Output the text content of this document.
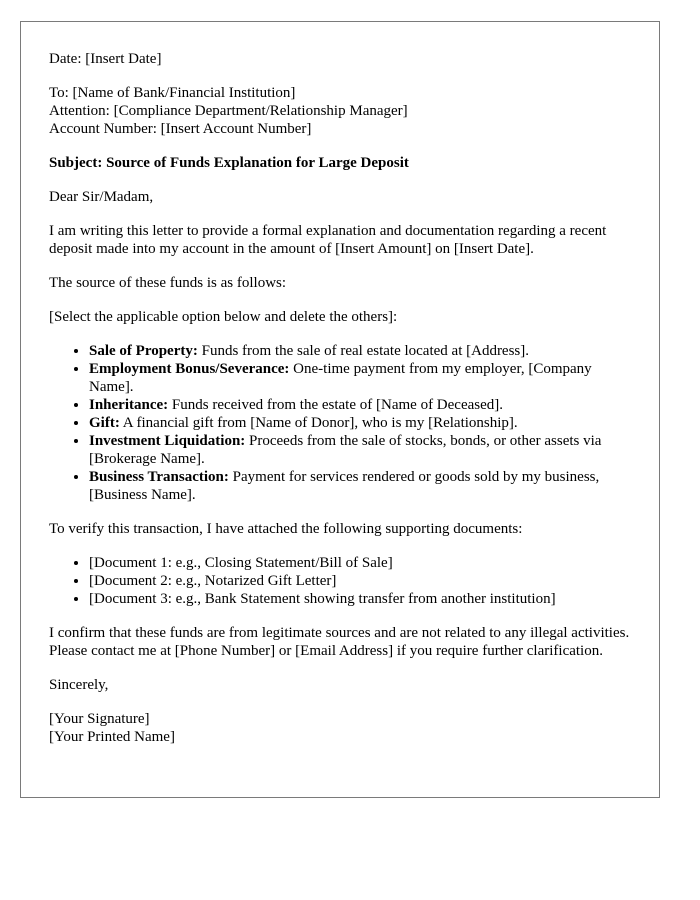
Date: [Insert Date]

To: [Name of Bank/Financial Institution]

Attention: [Compliance Department/Relationship Manager]

Account Number: [Insert Account Number]

Subject: Source of Funds Explanation for Large Deposit

Dear Sir/Madam,

I am writing this letter to provide a formal explanation and documentation regarding a recent deposit made into my account in the amount of [Insert Amount] on [Insert Date].

The source of these funds is as follows:

[Select the applicable option below and delete the others]:

• Sale of Property: Funds from the sale of real estate located at [Address].
• Employment Bonus/Severance: One-time payment from my employer, [Company Name].
• Inheritance: Funds received from the estate of [Name of Deceased].
• Gift: A financial gift from [Name of Donor], who is my [Relationship].
• Investment Liquidation: Proceeds from the sale of stocks, bonds, or other assets via [Brokerage Name].
• Business Transaction: Payment for services rendered or goods sold by my business, [Business Name].

To verify this transaction, I have attached the following supporting documents:

• [Document 1: e.g., Closing Statement/Bill of Sale]
• [Document 2: e.g., Notarized Gift Letter]
• [Document 3: e.g., Bank Statement showing transfer from another institution]

I confirm that these funds are from legitimate sources and are not related to any illegal activities. Please contact me at [Phone Number] or [Email Address] if you require further clarification.

Sincerely,

[Your Signature]

[Your Printed Name]
